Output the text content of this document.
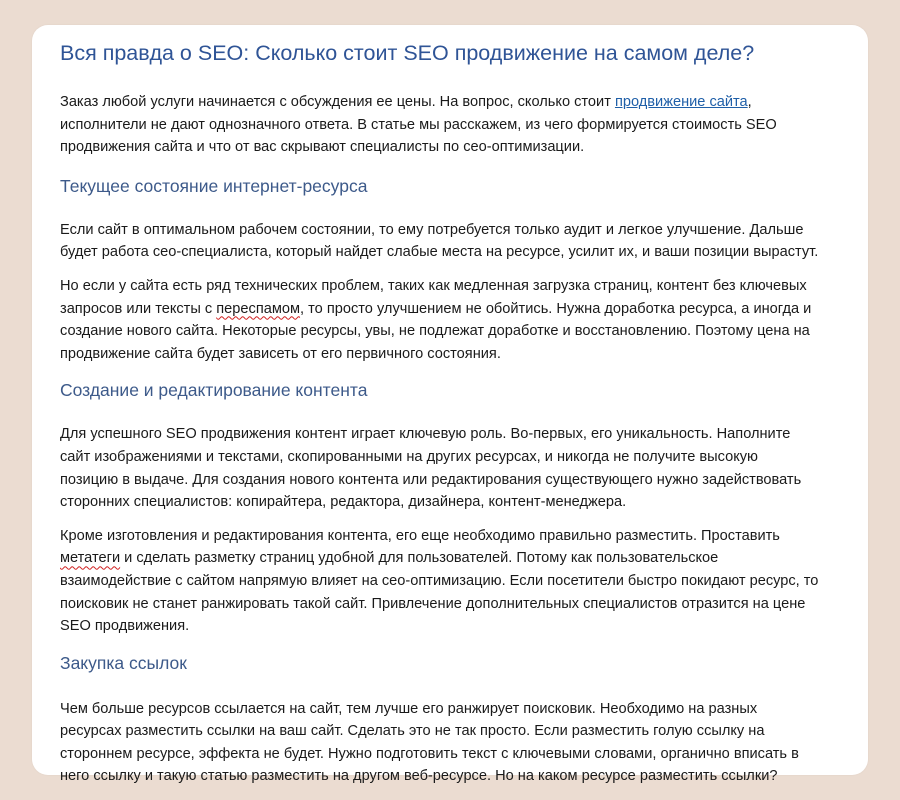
Вся правда о SEO: Сколько стоит SEO продвижение на самом деле?

Заказ любой услуги начинается с обсуждения ее цены. На вопрос, сколько стоит продвижение сайта,
исполнители не дают однозначного ответа. В статье мы расскажем, из чего формируется стоимость SEO
продвижения сайта и что от вас скрывают специалисты по сео-оптимизации.

Текущее состояние интернет-ресурса

Если сайт в оптимальном рабочем состоянии, то ему потребуется только аудит и легкое улучшение. Дальше
будет работа сео-специалиста, который найдет слабые места на ресурсе, усилит их, и ваши позиции вырастут.

Но если у сайта есть ряд технических проблем, таких как медленная загрузка страниц, контент без ключевых
запросов или тексты с переспамом, то просто улучшением не обойтись. Нужна доработка ресурса, а иногда и
создание нового сайта. Некоторые ресурсы, увы, не подлежат доработке и восстановлению. Поэтому цена на
продвижение сайта будет зависеть от его первичного состояния.

Создание и редактирование контента

Для успешного SEO продвижения контент играет ключевую роль. Во-первых, его уникальность. Наполните
сайт изображениями и текстами, скопированными на других ресурсах, и никогда не получите высокую
позицию в выдаче. Для создания нового контента или редактирования существующего нужно задействовать
сторонних специалистов: копирайтера, редактора, дизайнера, контент-менеджера.

Кроме изготовления и редактирования контента, его еще необходимо правильно разместить. Проставить
метатеги и сделать разметку страниц удобной для пользователей. Потому как пользовательское
взаимодействие с сайтом напрямую влияет на сео-оптимизацию. Если посетители быстро покидают ресурс, то
поисковик не станет ранжировать такой сайт. Привлечение дополнительных специалистов отразится на цене
SEO продвижения.

Закупка ссылок

Чем больше ресурсов ссылается на сайт, тем лучше его ранжирует поисковик. Необходимо на разных
ресурсах разместить ссылки на ваш сайт. Сделать это не так просто. Если разместить голую ссылку на
стороннем ресурсе, эффекта не будет. Нужно подготовить текст с ключевыми словами, органично вписать в
него ссылку и такую статью разместить на другом веб-ресурсе. Но на каком ресурсе разместить ссылки?
